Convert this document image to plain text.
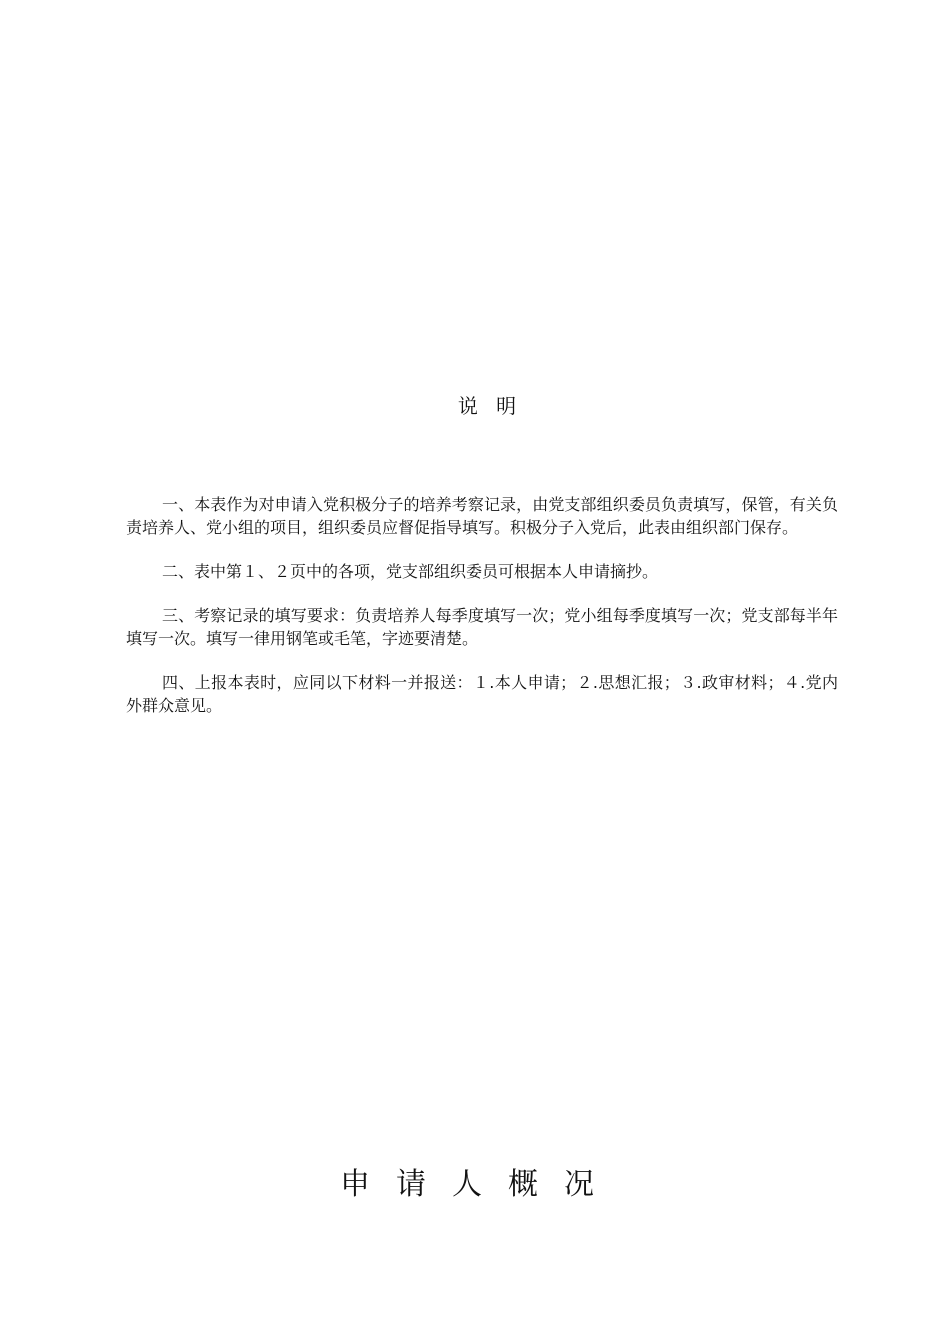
说 明

一、本表作为对申请入党积极分子的培养考察记录，由党支部组织委员负责填写，保管，有关负责培养人、党小组的项目，组织委员应督促指导填写。积极分子入党后，此表由组织部门保存。

二、表中第１、２页中的各项，党支部组织委员可根据本人申请摘抄。

三、考察记录的填写要求：负责培养人每季度填写一次；党小组每季度填写一次；党支部每半年填写一次。填写一律用钢笔或毛笔，字迹要清楚。

四、上报本表时，应同以下材料一并报送：１.本人申请；２.思想汇报；３.政审材料；４.党内外群众意见。

申请人概况
